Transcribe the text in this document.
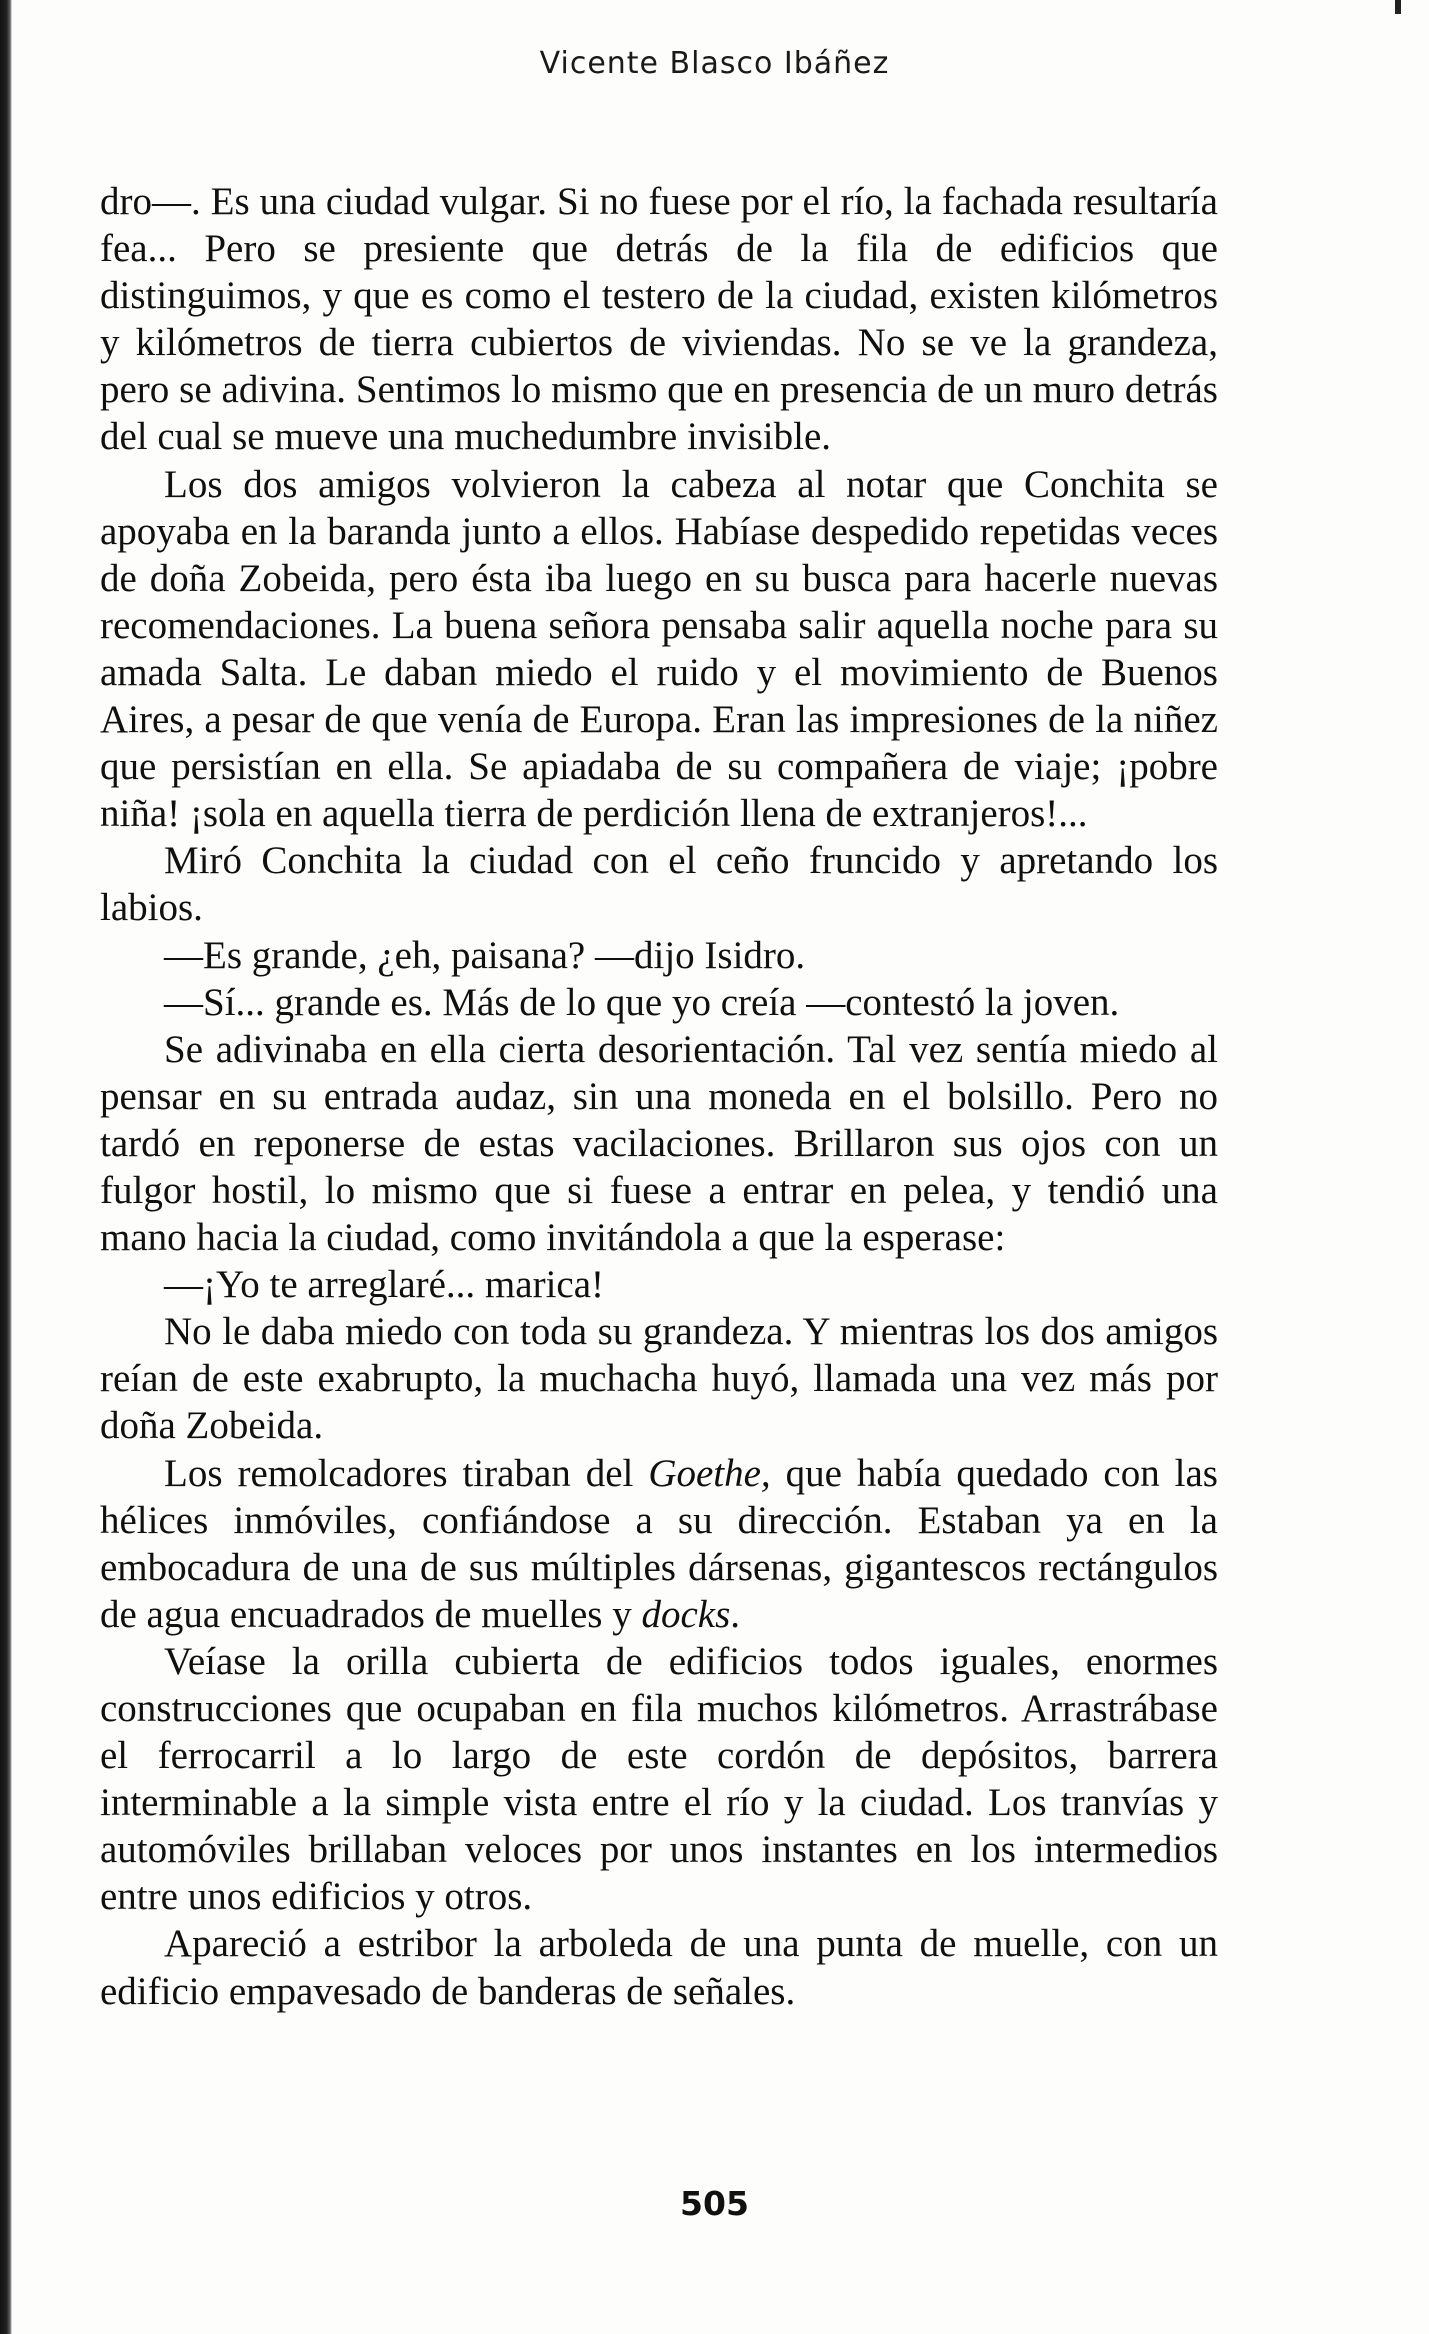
Vicente Blasco Ibáñez

dro—. Es una ciudad vulgar. Si no fuese por el río, la fachada resultaría fea... Pero se presiente que detrás de la fila de edificios que distinguimos, y que es como el testero de la ciudad, existen kilómetros y kilómetros de tierra cubiertos de viviendas. No se ve la grandeza, pero se adivina. Sentimos lo mismo que en presencia de un muro detrás del cual se mueve una muchedumbre invisible.

Los dos amigos volvieron la cabeza al notar que Conchita se apoyaba en la baranda junto a ellos. Habíase despedido repetidas veces de doña Zobeida, pero ésta iba luego en su busca para hacerle nuevas recomendaciones. La buena señora pensaba salir aquella noche para su amada Salta. Le daban miedo el ruido y el movimiento de Buenos Aires, a pesar de que venía de Europa. Eran las impresiones de la niñez que persistían en ella. Se apiadaba de su compañera de viaje; ¡pobre niña! ¡sola en aquella tierra de perdición llena de extranjeros!...

Miró Conchita la ciudad con el ceño fruncido y apretando los labios.

—Es grande, ¿eh, paisana? —dijo Isidro.

—Sí... grande es. Más de lo que yo creía —contestó la joven.

Se adivinaba en ella cierta desorientación. Tal vez sentía miedo al pensar en su entrada audaz, sin una moneda en el bolsillo. Pero no tardó en reponerse de estas vacilaciones. Brillaron sus ojos con un fulgor hostil, lo mismo que si fuese a entrar en pelea, y tendió una mano hacia la ciudad, como invitándola a que la esperase:

—¡Yo te arreglaré... marica!

No le daba miedo con toda su grandeza. Y mientras los dos amigos reían de este exabrupto, la muchacha huyó, llamada una vez más por doña Zobeida.

Los remolcadores tiraban del Goethe, que había quedado con las hélices inmóviles, confiándose a su dirección. Estaban ya en la embocadura de una de sus múltiples dársenas, gigantescos rectángulos de agua encuadrados de muelles y docks.

Veíase la orilla cubierta de edificios todos iguales, enormes construcciones que ocupaban en fila muchos kilómetros. Arrastrábase el ferrocarril a lo largo de este cordón de depósitos, barrera interminable a la simple vista entre el río y la ciudad. Los tranvías y automóviles brillaban veloces por unos instantes en los intermedios entre unos edificios y otros.

Apareció a estribor la arboleda de una punta de muelle, con un edificio empavesado de banderas de señales.

505
